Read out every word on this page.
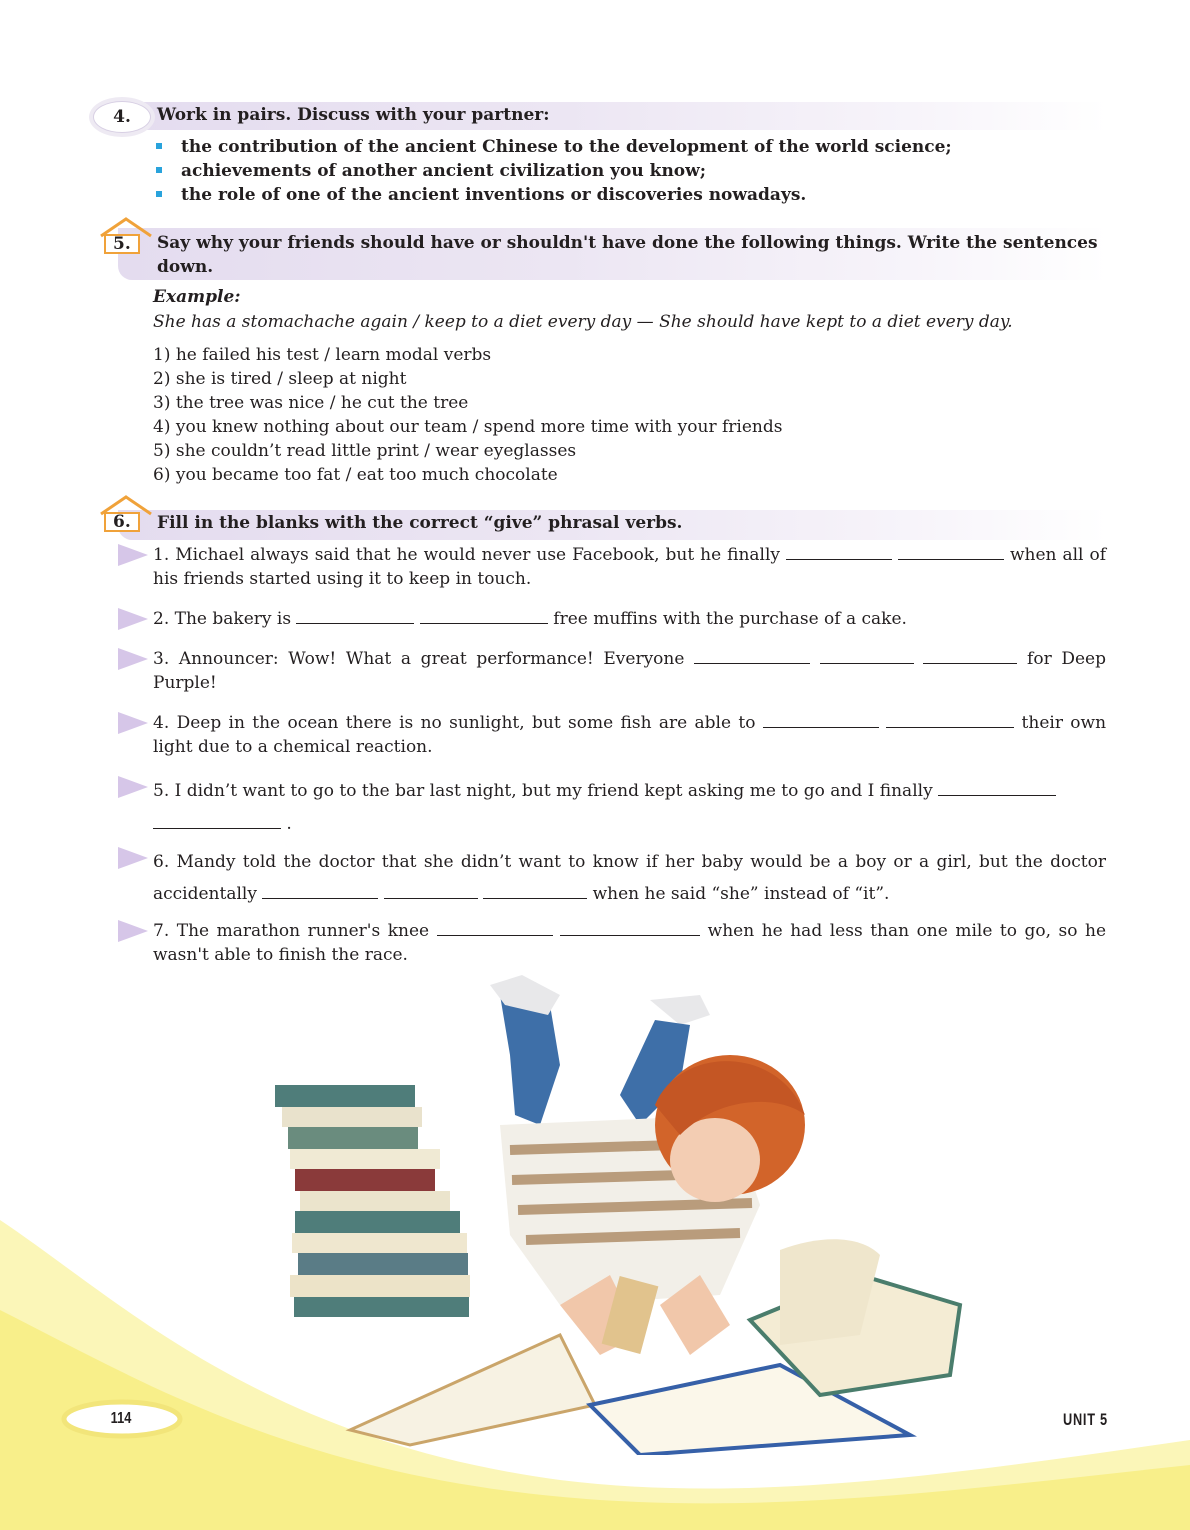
4.	Work in pairs. Discuss with your partner:
the contribution of the ancient Chinese to the development of the world science;
achievements of another ancient civilization you know;
the role of one of the ancient inventions or discoveries nowadays.
5. Say why your friends should have or shouldn't have done the following things. Write the sentences down.
Example:
She has a stomachache again / keep to a diet every day — She should have kept to a diet every day.
1) he failed his test / learn modal verbs
2) she is tired / sleep at night
3) the tree was nice / he cut the tree
4) you knew nothing about our team / spend more time with your friends
5) she couldn’t read little print / wear eyeglasses
6) you became too fat / eat too much chocolate
6. Fill in the blanks with the correct “give” phrasal verbs.
1. Michael always said that he would never use Facebook, but he finally	when all of his friends started using it to keep in touch.
2. The bakery is	free muffins with the purchase of a cake.
3. Announcer: Wow! What a great performance! Everyone	for Deep Purple!
4. Deep in the ocean there is no sunlight, but some fish are able to	their own light due to a chemical reaction.
5. I didn’t want to go to the bar last night, but my friend kept asking me to go and I finally
.
6. Mandy told the doctor that she didn’t want to know if her baby would be a boy or a girl, but the doctor accidentally	when he said “she” instead of “it”.
7. The marathon runner's knee	when he had less than one mile to go, so he wasn't able to finish the race.
114	UNIT 5
